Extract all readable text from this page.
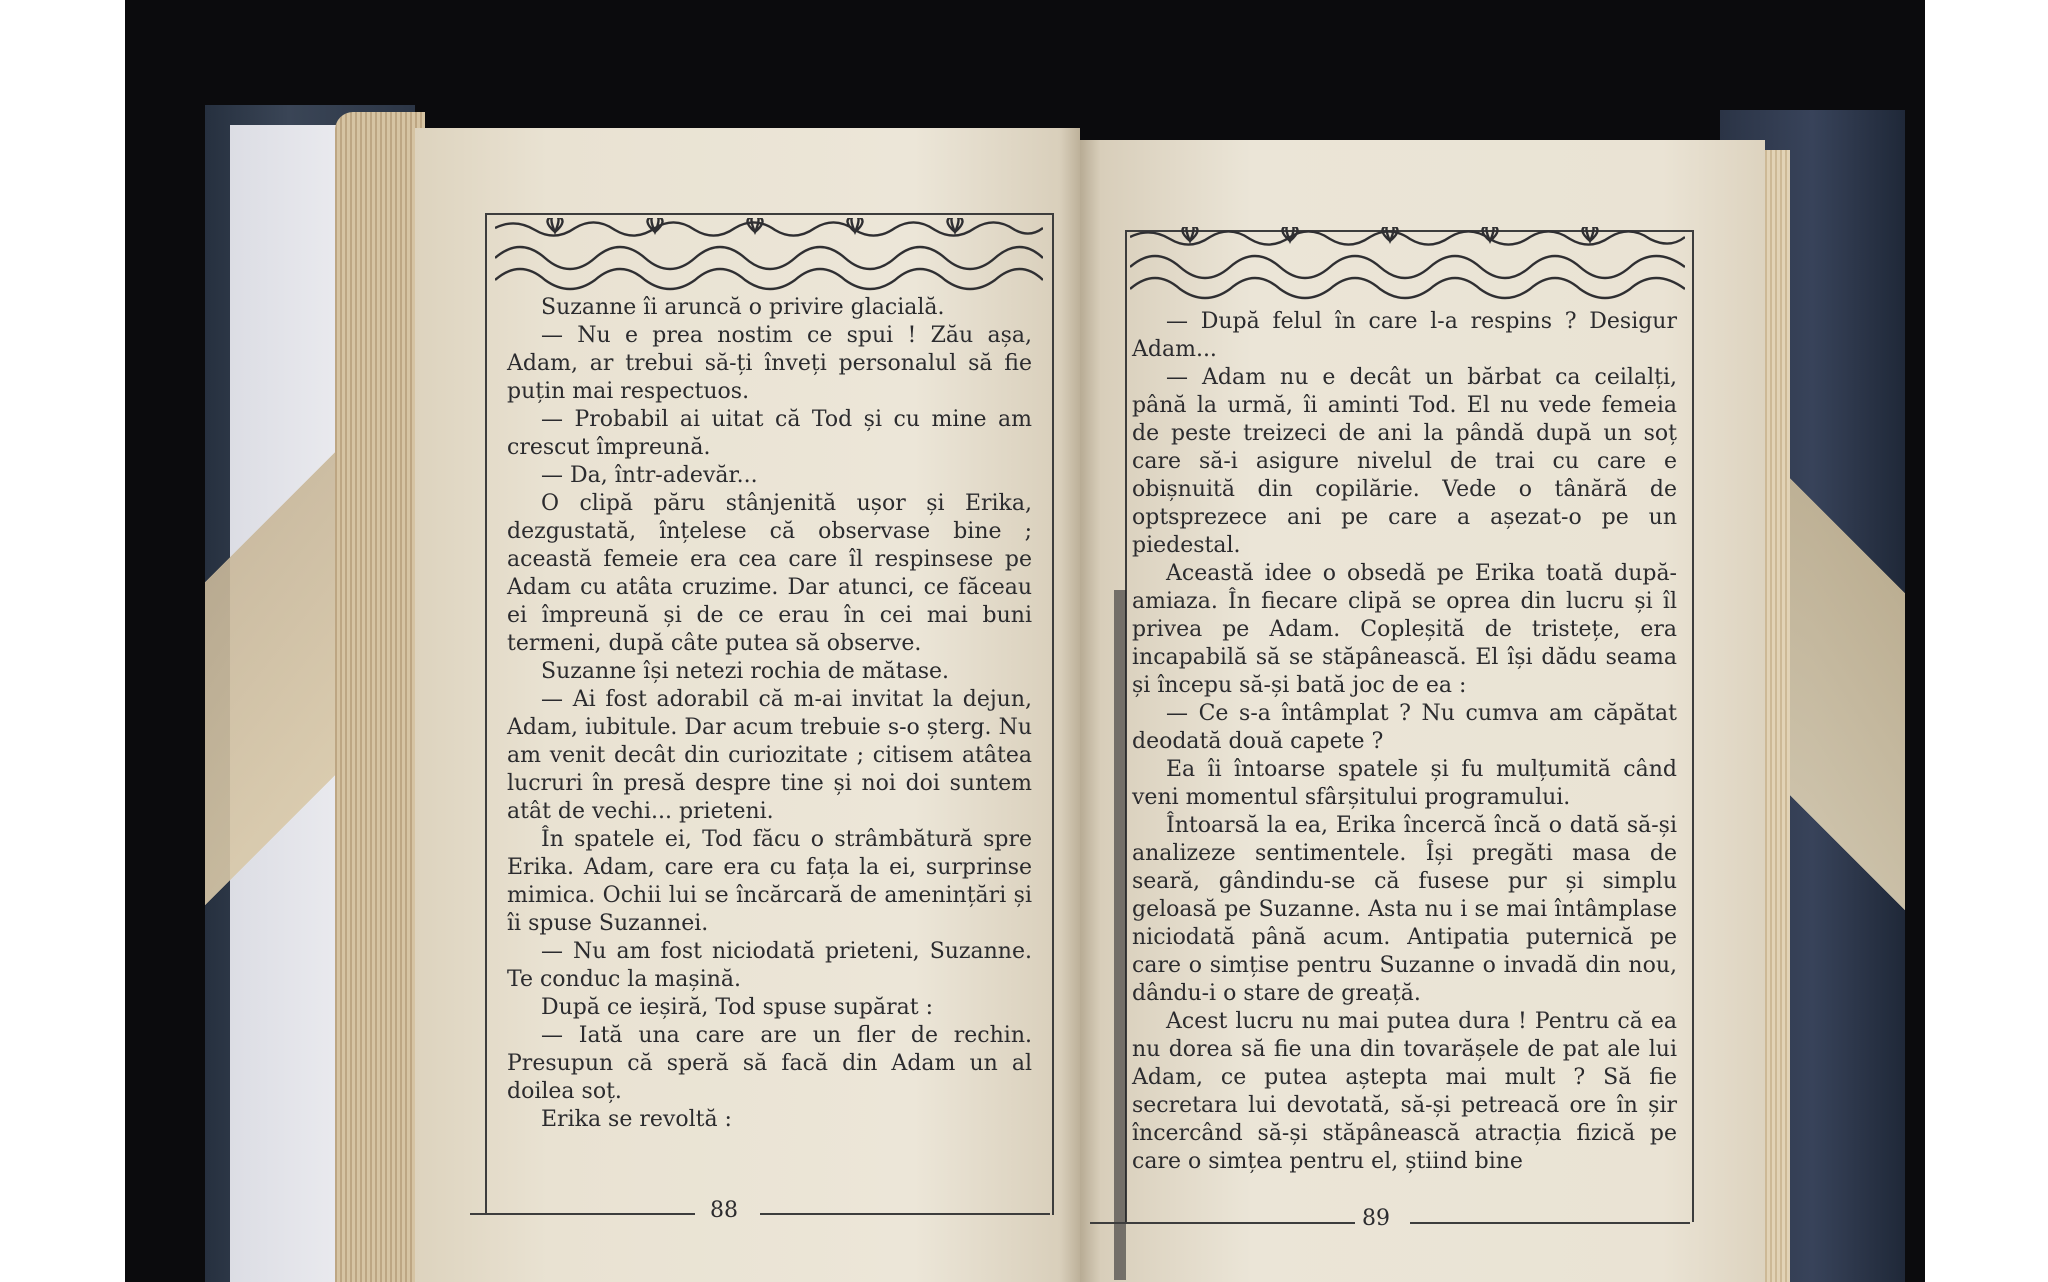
Suzanne îi aruncă o privire glacială.

— Nu e prea nostim ce spui ! Zău așa, Adam, ar trebui să-ți înveți personalul să fie puțin mai respectuos.

— Probabil ai uitat că Tod și cu mine am crescut împreună.

— Da, într-adevăr...

O clipă păru stânjenită ușor și Erika, dezgustată, înțelese că observase bine ; această femeie era cea care îl respinsese pe Adam cu atâta cruzime. Dar atunci, ce făceau ei împreună și de ce erau în cei mai buni termeni, după câte putea să observe.

Suzanne își netezi rochia de mătase.

— Ai fost adorabil că m-ai invitat la dejun, Adam, iubitule. Dar acum trebuie s-o șterg. Nu am venit decât din curiozitate ; citisem atâtea lucruri în presă despre tine și noi doi suntem atât de vechi... prieteni.

În spatele ei, Tod făcu o strâmbătură spre Erika. Adam, care era cu fața la ei, surprinse mimica. Ochii lui se încărcară de amenințări și îi spuse Suzannei.

— Nu am fost niciodată prieteni, Suzanne. Te conduc la mașină.

După ce ieșiră, Tod spuse supărat :

— Iată una care are un fler de rechin. Presupun că speră să facă din Adam un al doilea soț.

Erika se revoltă :

88

— După felul în care l-a respins ? Desigur Adam...

— Adam nu e decât un bărbat ca ceilalți, până la urmă, îi aminti Tod. El nu vede femeia de peste treizeci de ani la pândă după un soț care să-i asigure nivelul de trai cu care e obișnuită din copilărie. Vede o tânără de optsprezece ani pe care a așezat-o pe un piedestal.

Această idee o obsedă pe Erika toată după-amiaza. În fiecare clipă se oprea din lucru și îl privea pe Adam. Copleșită de tristețe, era incapabilă să se stăpânească. El își dădu seama și începu să-și bată joc de ea :

— Ce s-a întâmplat ? Nu cumva am căpătat deodată două capete ?

Ea îi întoarse spatele și fu mulțumită când veni momentul sfârșitului programului.

Întoarsă la ea, Erika încercă încă o dată să-și analizeze sentimentele. Își pregăti masa de seară, gândindu-se că fusese pur și simplu geloasă pe Suzanne. Asta nu i se mai întâmplase niciodată până acum. Antipatia puternică pe care o simțise pentru Suzanne o invadă din nou, dându-i o stare de greață.

Acest lucru nu mai putea dura ! Pentru că ea nu dorea să fie una din tovarășele de pat ale lui Adam, ce putea aștepta mai mult ? Să fie secretara lui devotată, să-și petreacă ore în șir încercând să-și stăpânească atracția fizică pe care o simțea pentru el, știind bine

89
